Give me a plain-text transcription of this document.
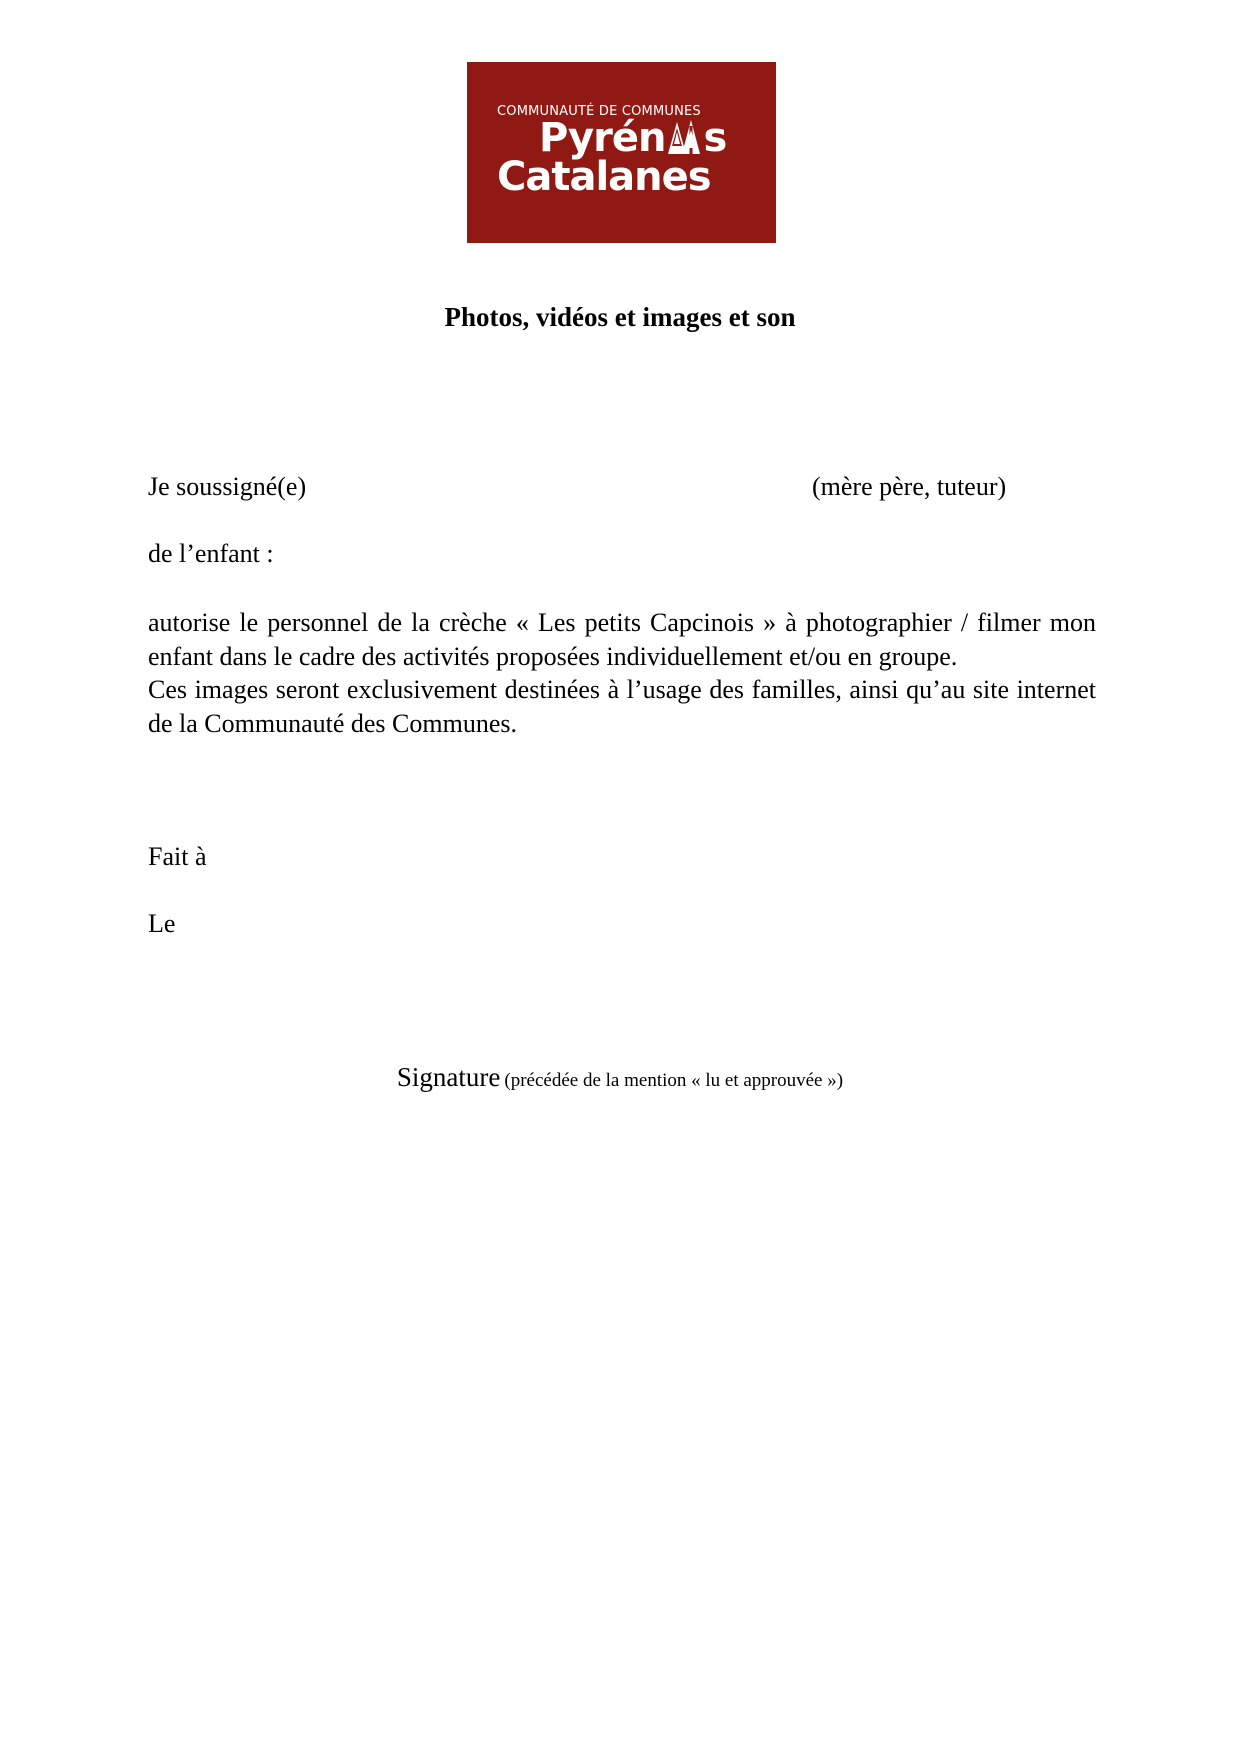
COMMUNAUTÉ DE COMMUNES
Pyrén s
Catalanes
Photos, vidéos et images et son
Je soussigné(e)	(mère père, tuteur)
de l’enfant :

autorise le personnel de la crèche « Les petits Capcinois » à photographier / filmer mon enfant dans le cadre des activités proposées individuellement et/ou en groupe.

Ces images seront exclusivement destinées à l’usage des familles, ainsi qu’au site internet de la Communauté des Communes.

Fait à
Le
Signature (précédée de la mention « lu et approuvée »)
